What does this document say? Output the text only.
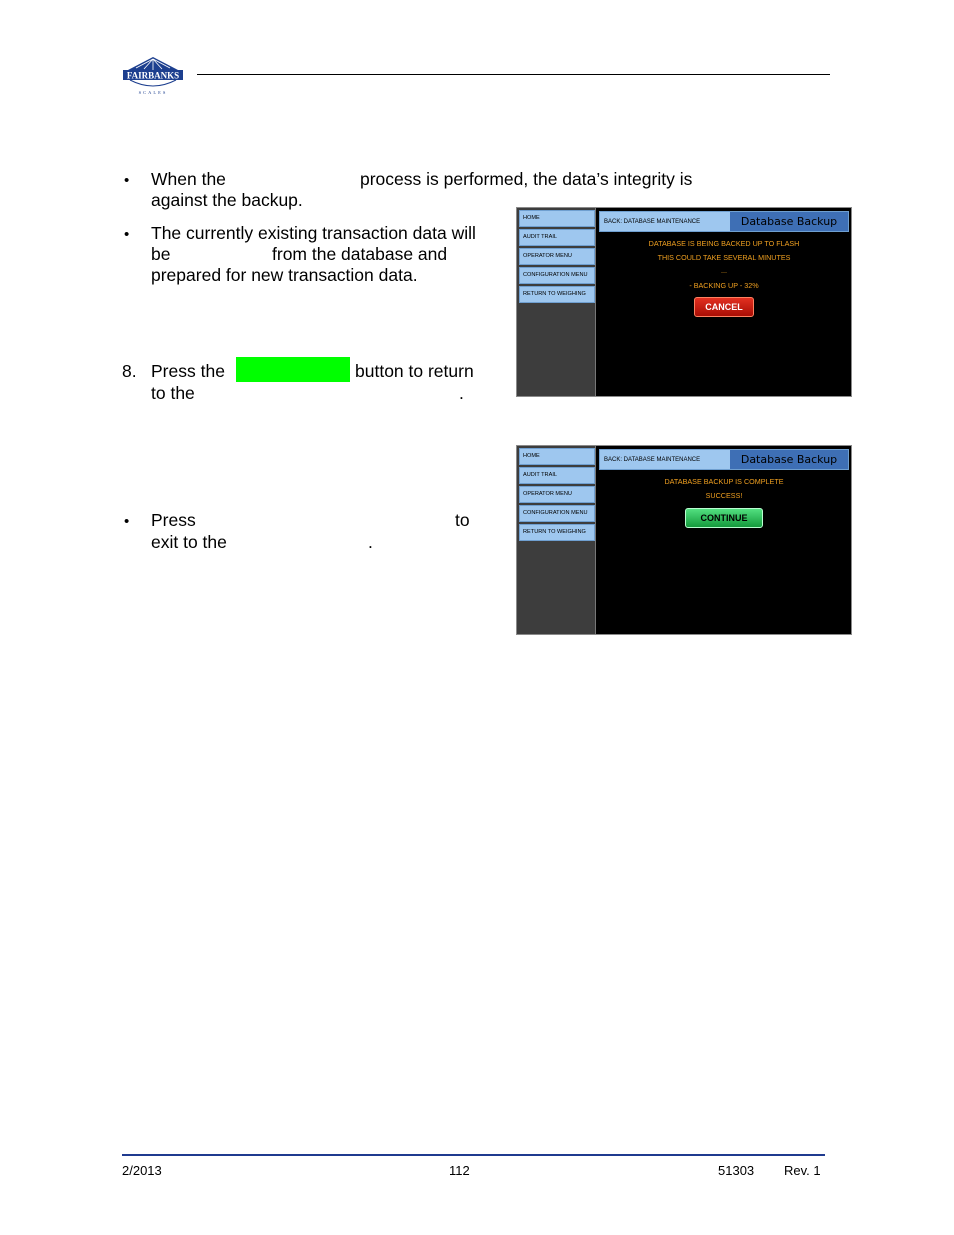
FAIRBANKS
SCALES
• When the	process is performed, the data’s integrity is
against the backup.
• The currently existing transaction data will
be	from the database and
prepared for new transaction data.
8. Press the	button to return
to the	.
• Press	to
exit to the	.
HOME
AUDIT TRAIL
OPERATOR MENU
CONFIGURATION MENU
RETURN TO WEIGHING
BACK: DATABASE MAINTENANCE	Database Backup
DATABASE IS BEING BACKED UP TO FLASH
THIS COULD TAKE SEVERAL MINUTES
...
- BACKING UP - 32%
CANCEL
HOME
AUDIT TRAIL
OPERATOR MENU
CONFIGURATION MENU
RETURN TO WEIGHING
BACK: DATABASE MAINTENANCE	Database Backup
DATABASE BACKUP IS COMPLETE
SUCCESS!
CONTINUE
2/2013	112	51303 Rev. 1
